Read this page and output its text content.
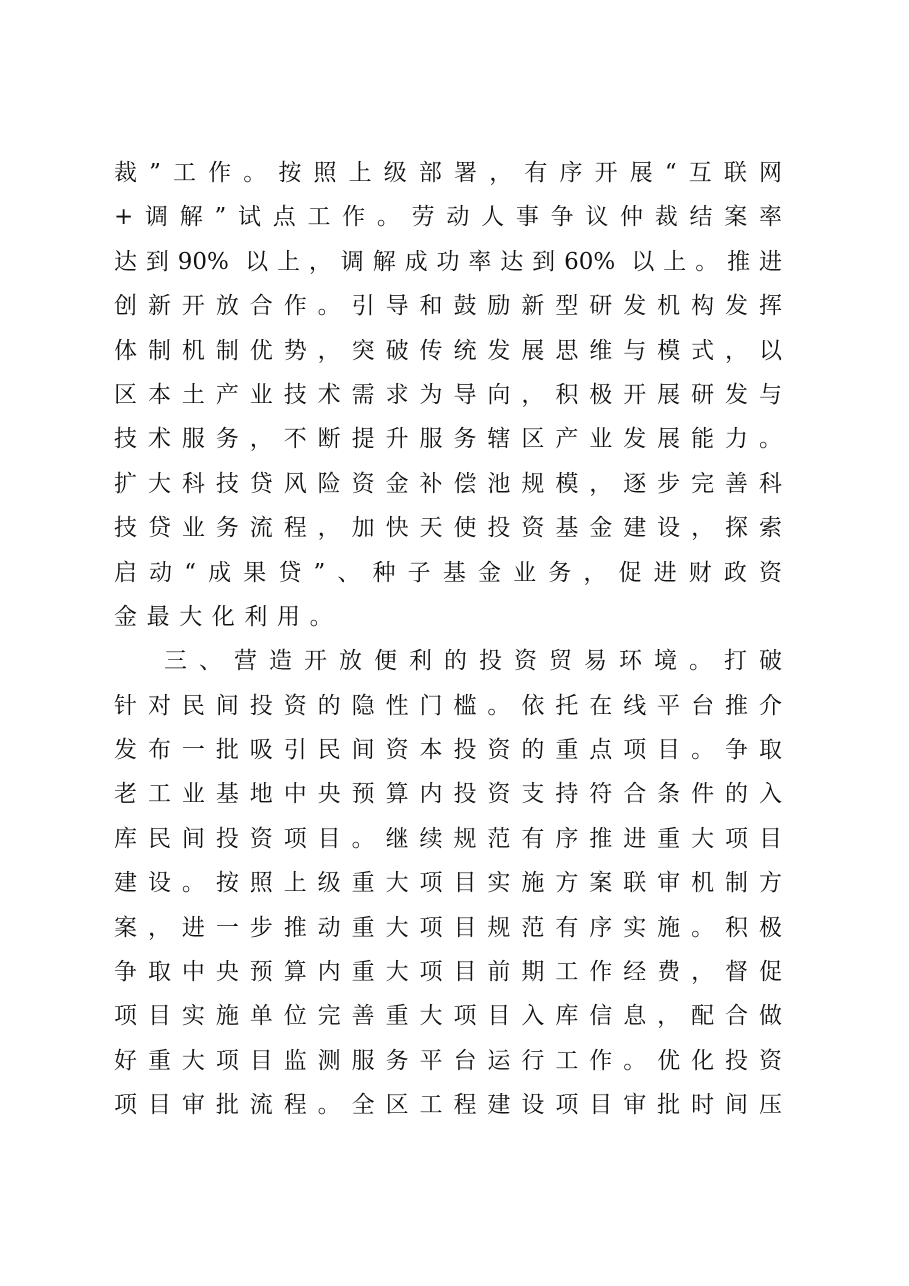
裁”工作。按照上级部署，有序开展“互联网
+调解”试点工作。劳动人事争议仲裁结案率
达到90% 以上，调解成功率达到60% 以上。推进
创新开放合作。引导和鼓励新型研发机构发挥
体制机制优势，突破传统发展思维与模式，以
区本土产业技术需求为导向，积极开展研发与
技术服务，不断提升服务辖区产业发展能力。
扩大科技贷风险资金补偿池规模，逐步完善科
技贷业务流程，加快天使投资基金建设，探索
启动“成果贷”、种子基金业务，促进财政资
金最大化利用。
三、营造开放便利的投资贸易环境。打破
针对民间投资的隐性门槛。依托在线平台推介
发布一批吸引民间资本投资的重点项目。争取
老工业基地中央预算内投资支持符合条件的入
库民间投资项目。继续规范有序推进重大项目
建设。按照上级重大项目实施方案联审机制方
案，进一步推动重大项目规范有序实施。积极
争取中央预算内重大项目前期工作经费，督促
项目实施单位完善重大项目入库信息，配合做
好重大项目监测服务平台运行工作。优化投资
项目审批流程。全区工程建设项目审批时间压
